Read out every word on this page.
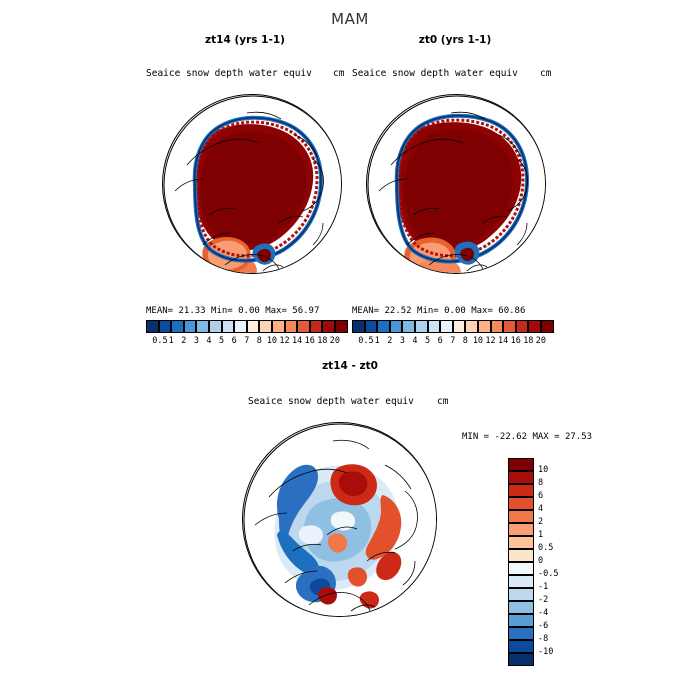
MAM
zt14 (yrs 1-1)
Seaice snow depth water equiv cm
MEAN= 21.33 Min= 0.00 Max= 56.97
0.5 1 2 3 4 5 6 7 8 10 12 14 16 18 20
zt0 (yrs 1-1)
Seaice snow depth water equiv cm
MEAN= 22.52 Min= 0.00 Max= 60.86
0.5 1 2 3 4 5 6 7 8 10 12 14 16 18 20
zt14 - zt0
Seaice snow depth water equiv cm
MIN = -22.62 MAX = 27.53
10
8
6
4
2
1
0.5
0
-0.5
-1
-2
-4
-6
-8
-10
